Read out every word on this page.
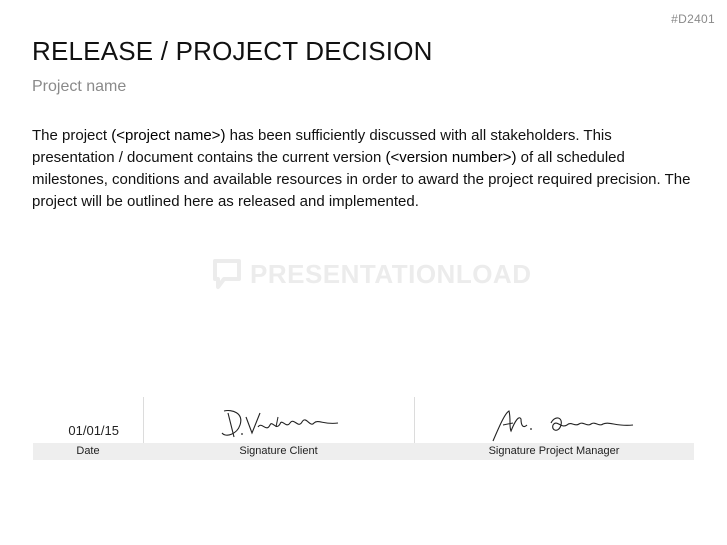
#D2401
RELEASE / PROJECT DECISION
Project name
The project (<project name>) has been sufficiently discussed with all stakeholders. This presentation / document contains the current version (<version number>) of all scheduled milestones, conditions and available resources in order to award the project required precision. The project will be outlined here as released and implemented.
PRESENTATIONLOAD
01/01/15
Date	Signature Client	Signature Project Manager
